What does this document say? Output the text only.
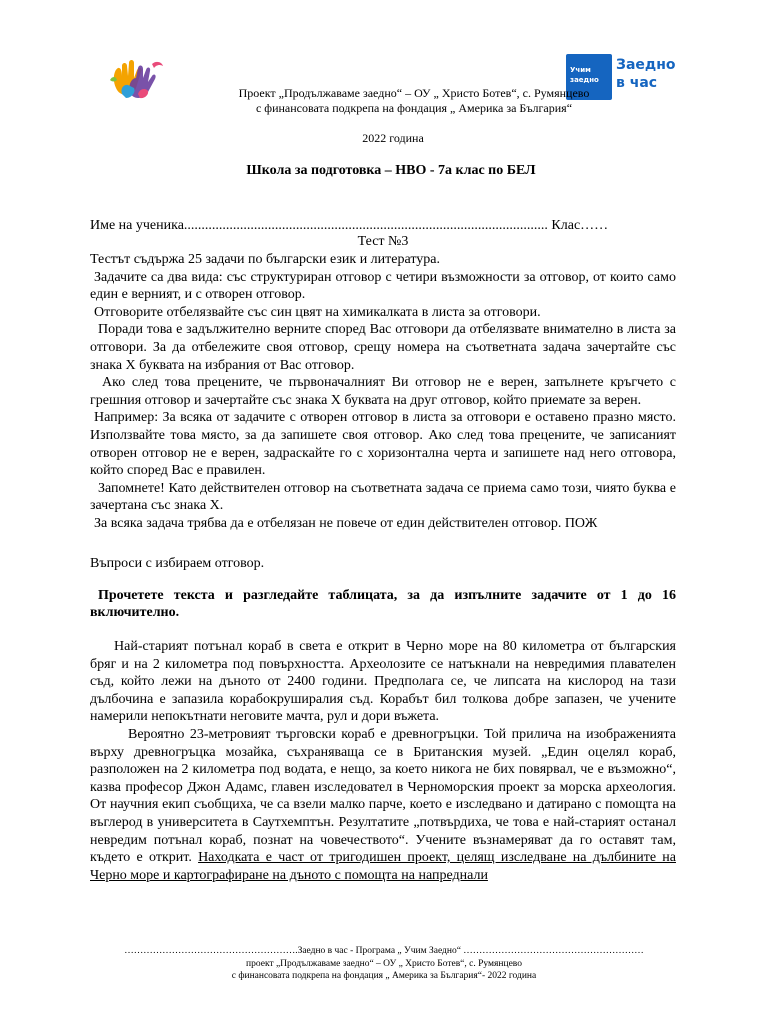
Учим
заедно
Заедно
в час
Проект „Продължаваме заедно“ – ОУ „ Христо Ботев“, с. Румянцево
с финансовата подкрепа на фондация „ Америка за България“
2022 година
Школа за подготовка – НВО - 7а клас по БЕЛ
Име на ученика........................................................................................................ Клас……
Тест №3

Тестът съдържа 25 задачи по български език и литература.

Задачите са два вида: със структуриран отговор с четири възможности за отговор, от които само един е верният, и с отворен отговор.

Отговорите отбелязвайте със син цвят на химикалката в листа за отговори.

Поради това е задължително верните според Вас отговори да отбелязвате внимателно в листа за отговори. За да отбележите своя отговор, срещу номера на съответната задача зачертайте със знака Х буквата на избрания от Вас отговор.

Ако след това прецените, че първоначалният Ви отговор не е верен, запълнете кръгчето с грешния отговор и зачертайте със знака Х буквата на друг отговор, който приемате за верен.

Например: За всяка от задачите с отворен отговор в листа за отговори е оставено празно място. Използвайте това място, за да запишете своя отговор. Ако след това прецените, че записаният отворен отговор не е верен, задраскайте го с хоризонтална черта и запишете над него отговора, който според Вас е правилен.

Запомнете! Като действителен отговор на съответната задача се приема само този, чиято буква е зачертана със знака Х.

За всяка задача трябва да е отбелязан не повече от един действителен отговор. ПОЖ

Въпроси с избираем отговор.
Прочетете текста и разгледайте таблицата, за да изпълните задачите от 1 до 16 включително.

Най-старият потънал кораб в света е открит в Черно море на 80 километра от българския бряг и на 2 километра под повърхността. Археолозите се натъкнали на невредимия плавателен съд, който лежи на дъното от 2400 години. Предполага се, че липсата на кислород на тази дълбочина е запазила корабокруширалия съд. Корабът бил толкова добре запазен, че учените намерили непокътнати неговите мачта, рул и дори въжета.

Вероятно 23-метровият търговски кораб е древногръцки. Той прилича на изображенията върху древногръцка мозайка, съхраняваща се в Британския музей. „Един оцелял кораб, разположен на 2 километра под водата, е нещо, за което никога не бих повярвал, че е възможно“, казва професор Джон Адамс, главен изследовател в Черноморския проект за морска археология. От научния екип съобщиха, че са взели малко парче, което е изследвано и датирано с помощта на въглерод в университета в Саутхемптън. Резултатите „потвърдиха, че това е най-старият останал невредим потънал кораб, познат на човечеството“. Учените възнамеряват да го оставят там, където е открит. Находката е част от тригодишен проект, целящ изследване на дълбините на Черно море и картографиране на дъното с помощта на напреднали

……………………………………………….Заедно в час - Програма „ Учим Заедно“ …………………………………………………
проект „Продължаваме заедно“ – ОУ „ Христо Ботев“, с. Румянцево
с финансовата подкрепа на фондация „ Америка за България“- 2022 година
